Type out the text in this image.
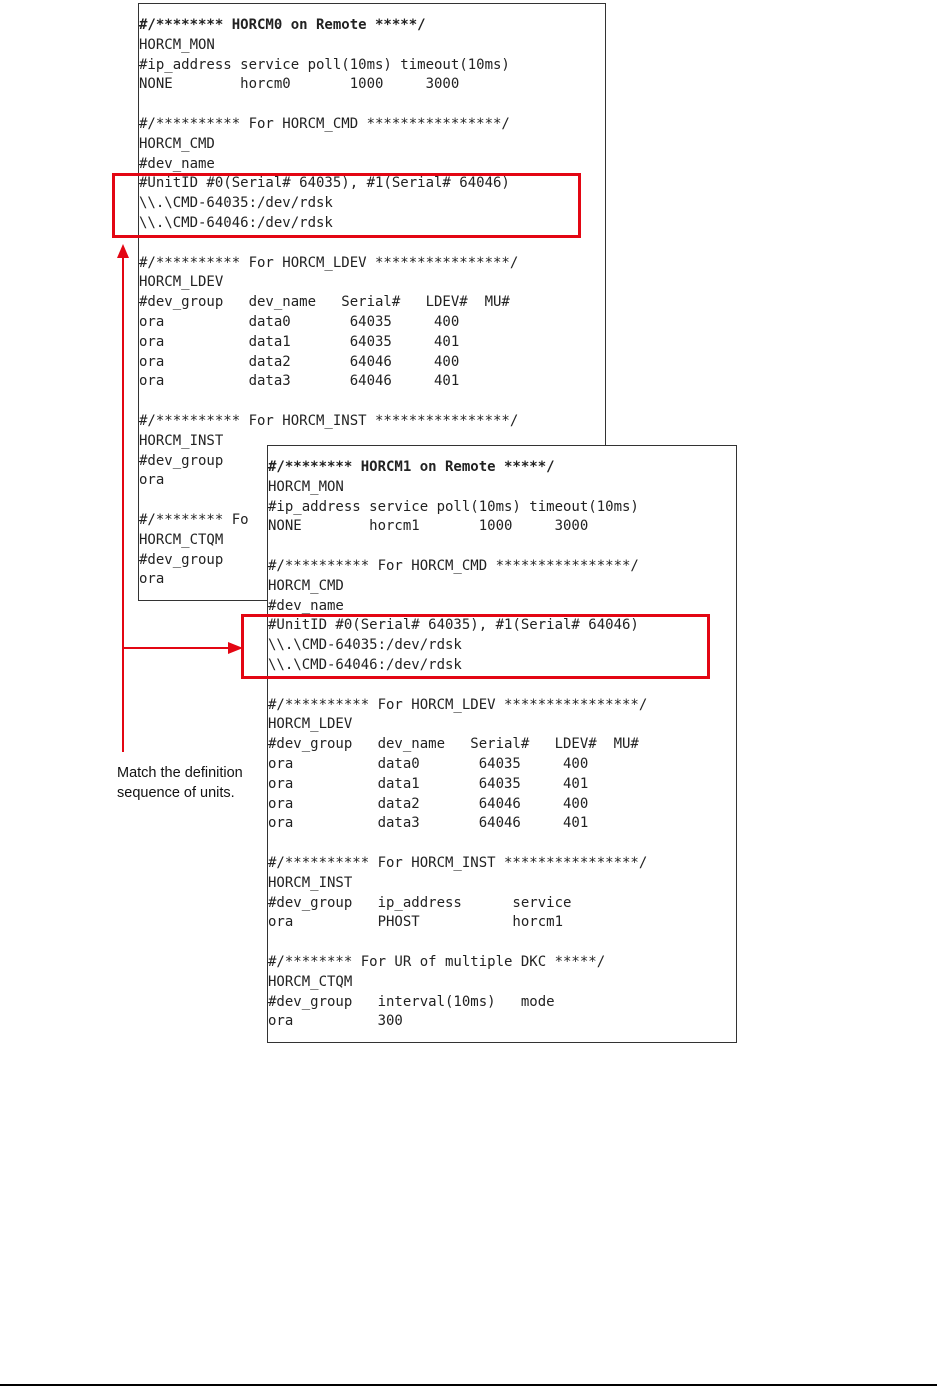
#/******** HORCM0 on Remote *****/
HORCM_MON
#ip_address service poll(10ms) timeout(10ms)
NONE        horcm0       1000     3000
#/********** For HORCM_CMD ****************/
HORCM_CMD
#dev_name
#UnitID #0(Serial# 64035), #1(Serial# 64046)
\\.\CMD-64035:/dev/rdsk
\\.\CMD-64046:/dev/rdsk
#/********** For HORCM_LDEV ****************/
HORCM_LDEV
#dev_group   dev_name   Serial#   LDEV#  MU#
ora          data0       64035     400
ora          data1       64035     401
ora          data2       64046     400
ora          data3       64046     401
#/********** For HORCM_INST ****************/
HORCM_INST
#dev_group
ora
#/******** Fo
HORCM_CTQM
#dev_group
ora
#/******** HORCM1 on Remote *****/
HORCM_MON
#ip_address service poll(10ms) timeout(10ms)
NONE        horcm1       1000     3000
#/********** For HORCM_CMD ****************/
HORCM_CMD
#dev_name
#UnitID #0(Serial# 64035), #1(Serial# 64046)
\\.\CMD-64035:/dev/rdsk
\\.\CMD-64046:/dev/rdsk
#/********** For HORCM_LDEV ****************/
HORCM_LDEV
#dev_group   dev_name   Serial#   LDEV#  MU#
ora          data0       64035     400
ora          data1       64035     401
ora          data2       64046     400
ora          data3       64046     401
#/********** For HORCM_INST ****************/
HORCM_INST
#dev_group   ip_address      service
ora          PHOST           horcm1
#/******** For UR of multiple DKC *****/
HORCM_CTQM
#dev_group   interval(10ms)   mode
ora          300
Match the definition
sequence of units.
